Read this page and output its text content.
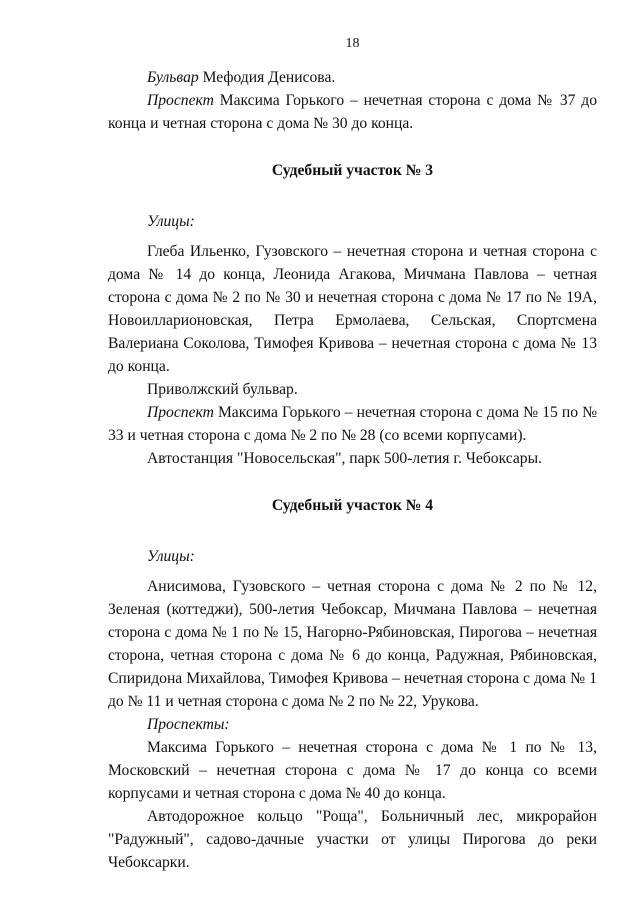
18

Бульвар Мефодия Денисова.

Проспект Максима Горького – нечетная сторона с дома № 37 до конца и четная сторона с дома № 30 до конца.

Судебный участок № 3

Улицы:

Глеба Ильенко, Гузовского – нечетная сторона и четная сторона с дома № 14 до конца, Леонида Агакова, Мичмана Павлова – четная сторона с дома № 2 по № 30 и нечетная сторона с дома № 17 по № 19А, Новоилларионовская, Петра Ермолаева, Сельская, Спортсмена Валериана Соколова, Тимофея Кривова – нечетная сторона с дома № 13 до конца.

Приволжский бульвар.

Проспект Максима Горького – нечетная сторона с дома № 15 по № 33 и четная сторона с дома № 2 по № 28 (со всеми корпусами).

Автостанция "Новосельская", парк 500-летия г. Чебоксары.

Судебный участок № 4

Улицы:

Анисимова, Гузовского – четная сторона с дома № 2 по № 12, Зеленая (коттеджи), 500-летия Чебоксар, Мичмана Павлова – нечетная сторона с дома № 1 по № 15, Нагорно-Рябиновская, Пирогова – нечетная сторона, четная сторона с дома № 6 до конца, Радужная, Рябиновская, Спиридона Михайлова, Тимофея Кривова – нечетная сторона с дома № 1 до № 11 и четная сторона с дома № 2 по № 22, Урукова.

Проспекты:

Максима Горького – нечетная сторона с дома № 1 по № 13, Московский – нечетная сторона с дома № 17 до конца со всеми корпусами и четная сторона с дома № 40 до конца.

Автодорожное кольцо "Роща", Больничный лес, микрорайон "Радужный", садово-дачные участки от улицы Пирогова до реки Чебоксарки.
